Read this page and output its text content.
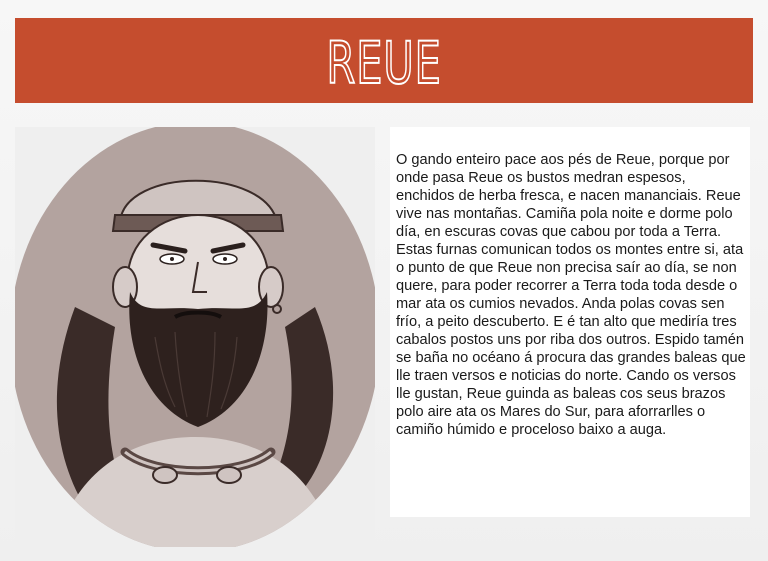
REUE

O gando enteiro pace aos pés de Reue, porque por onde pasa Reue os bustos medran espesos, enchidos de herba fresca, e nacen mananciais. Reue vive nas montañas. Camiña pola noite e dorme polo día, en escuras covas que cabou por toda a Terra.

Estas furnas comunican todos os montes entre si, ata o punto de que Reue non precisa saír ao día, se non quere, para poder recorrer a Terra toda toda desde o mar ata os cumios nevados. Anda polas covas sen frío, a peito descuberto. E é tan alto que mediría tres cabalos postos uns por riba dos outros. Espido tamén se baña no océano á procura das grandes baleas que lle traen versos e noticias do norte. Cando os versos lle gustan, Reue guinda as baleas cos seus brazos polo aire ata os Mares do Sur, para aforrarlles o camiño húmido e proceloso baixo a auga.
